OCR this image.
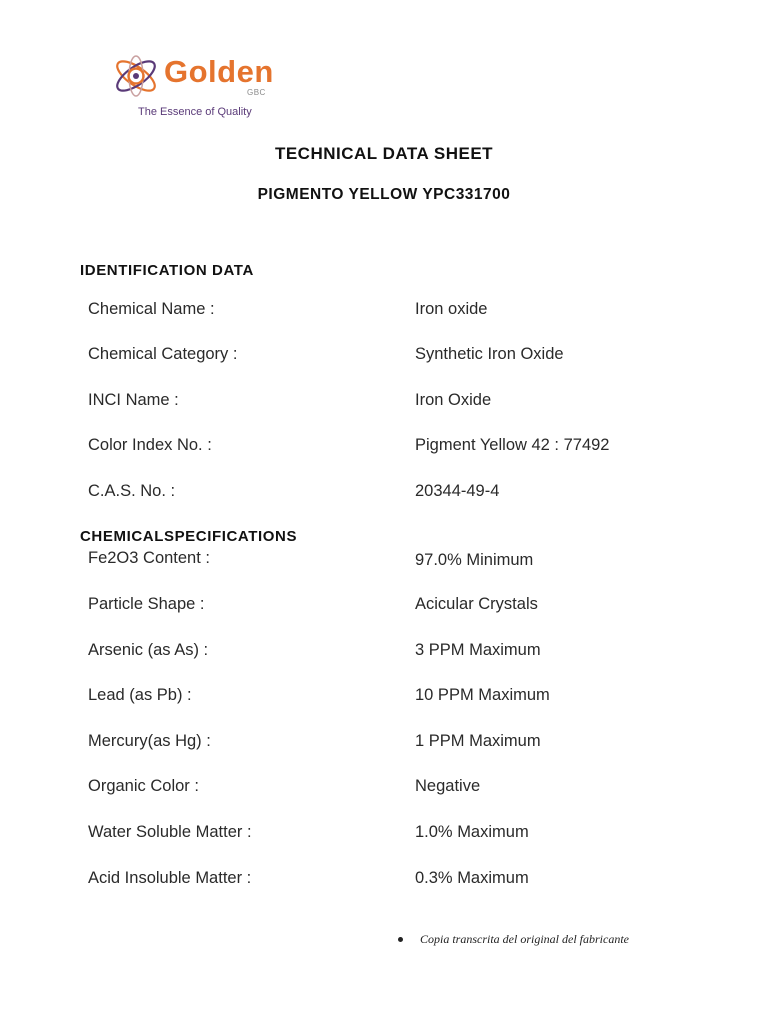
Golden
GBC
The Essence of Quality
TECHNICAL DATA SHEET
PIGMENTO YELLOW YPC331700
IDENTIFICATION DATA
Chemical Name :	Iron oxide
Chemical Category :	Synthetic Iron Oxide
INCI Name :	Iron Oxide
Color Index No. :	Pigment Yellow 42 : 77492
C.A.S. No. :	20344-49-4
CHEMICALSPECIFICATIONS
Fe2O3 Content :	97.0% Minimum
Particle Shape :	Acicular Crystals
Arsenic (as As) :	3 PPM Maximum
Lead (as Pb) :	10 PPM Maximum
Mercury(as Hg) :	1 PPM Maximum
Organic Color :	Negative
Water Soluble Matter :	1.0% Maximum
Acid Insoluble Matter :	0.3% Maximum
Copia transcrita del original del fabricante
